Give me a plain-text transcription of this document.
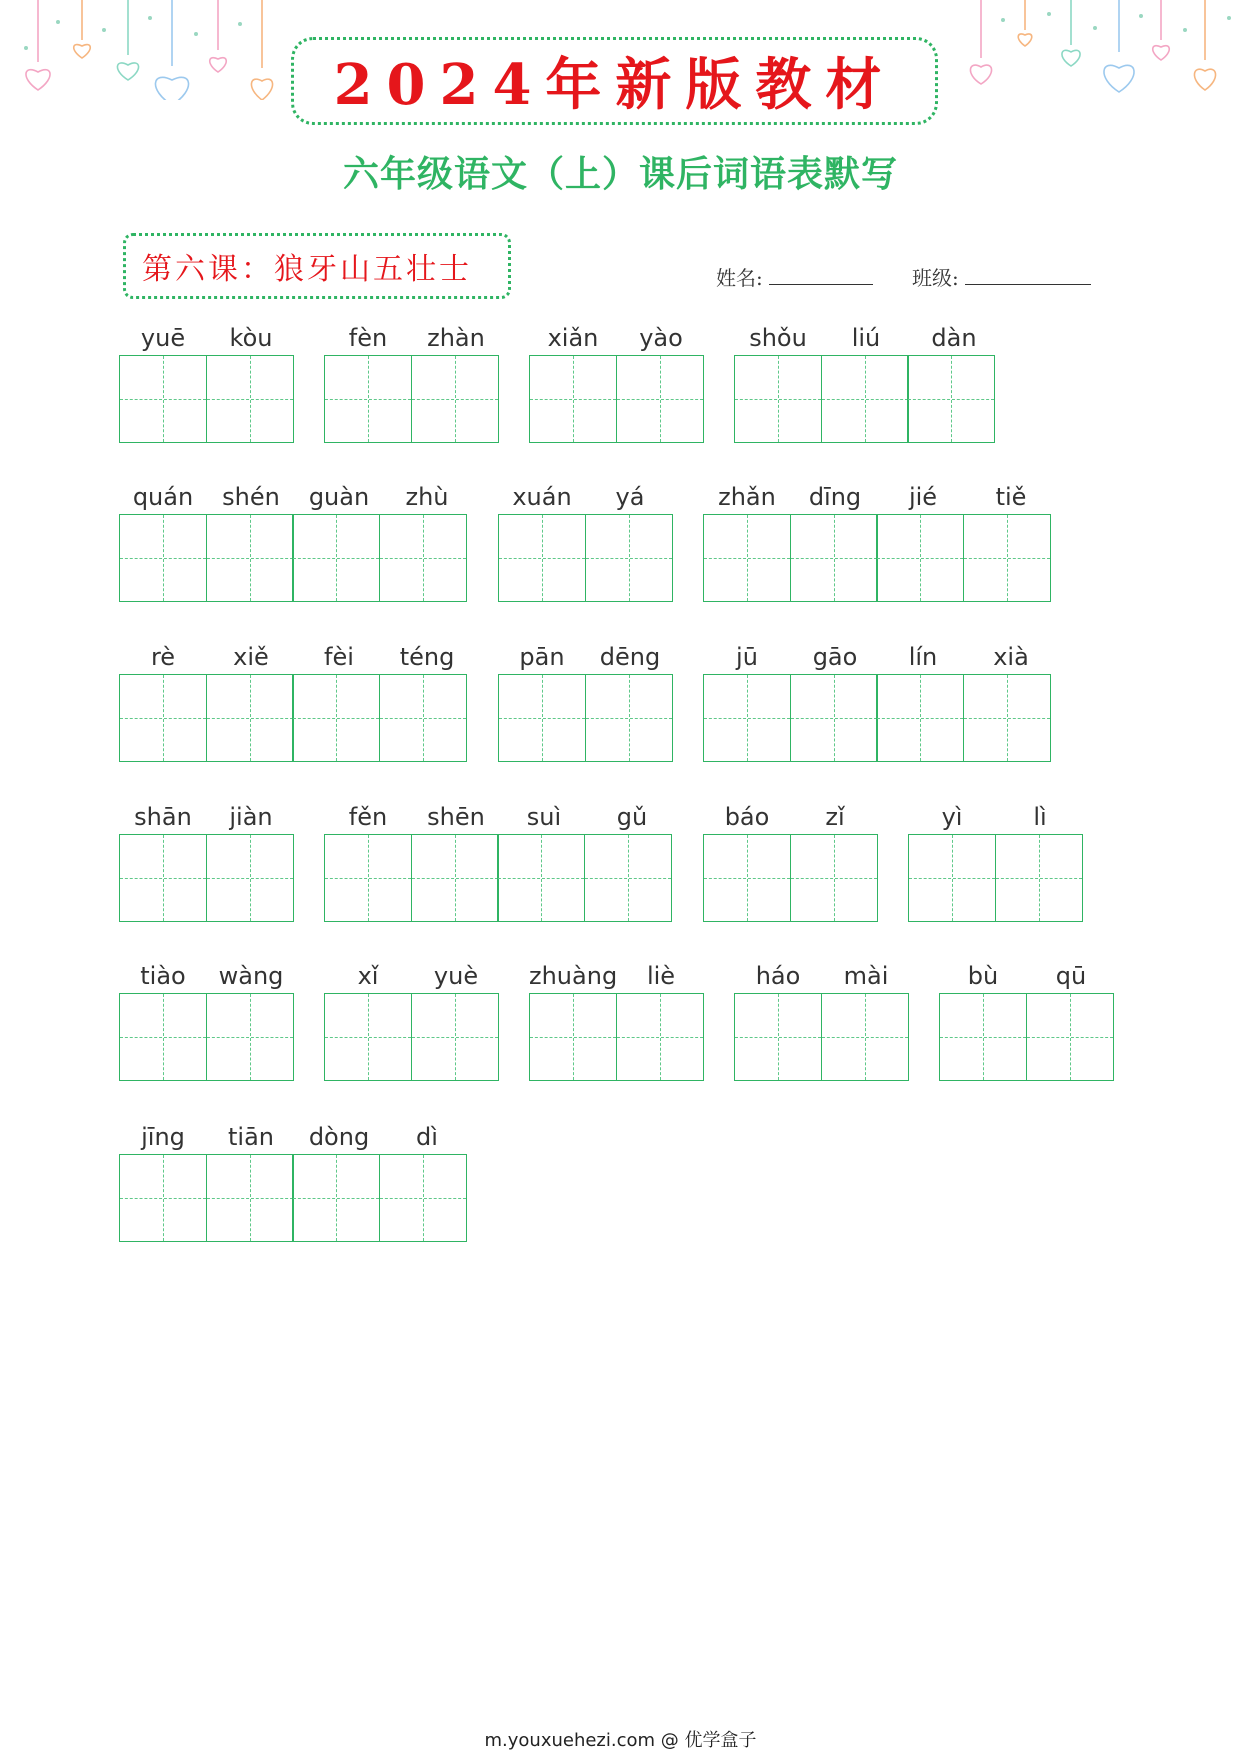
2024年新版教材
六年级语文（上）课后词语表默写
第六课：狼牙山五壮士	姓名:	班级:
yuē	kòu	fèn	zhàn	xiǎn	yào	shǒu	liú	dàn
quán	shén	guàn	zhù	xuán	yá	zhǎn	dīng	jié	tiě
rè	xiě	fèi	téng	pān	dēng	jū	gāo	lín	xià
shān	jiàn	fěn	shēn	suì	gǔ	báo	zǐ	yì	lì
tiào	wàng	xǐ	yuè	zhuàng	liè	háo	mài	bù	qū
jīng	tiān	dòng	dì
m.youxuehezi.com @ 优学盒子
